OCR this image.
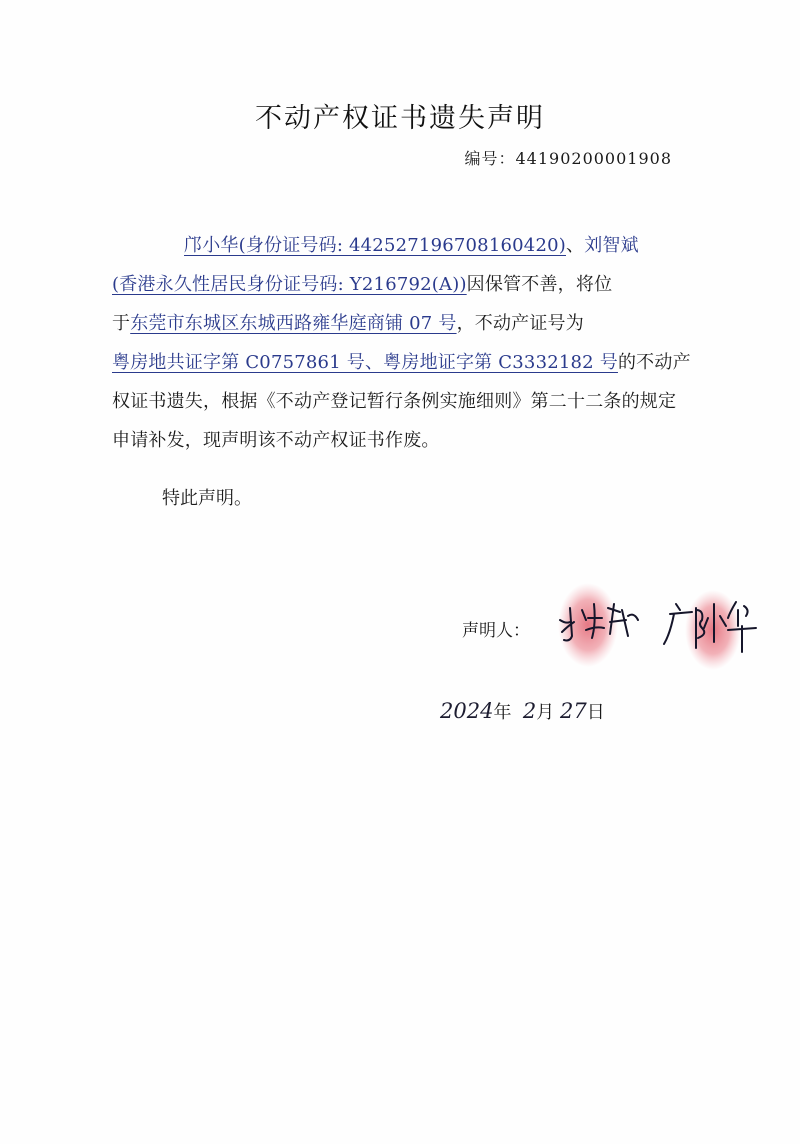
不动产权证书遗失声明
编号：44190200001908
邝小华(身份证号码: 442527196708160420)、刘智斌
(香港永久性居民身份证号码: Y216792(A))因保管不善，将位
于东莞市东城区东城西路雍华庭商铺 07 号，不动产证号为
粤房地共证字第 C0757861 号、粤房地证字第 C3332182 号的不动产权证书遗失，根据《不动产登记暂行条例实施细则》第二十二条的规定申请补发，现声明该不动产权证书作废。
特此声明。
声明人：
2024年 2月 27日
